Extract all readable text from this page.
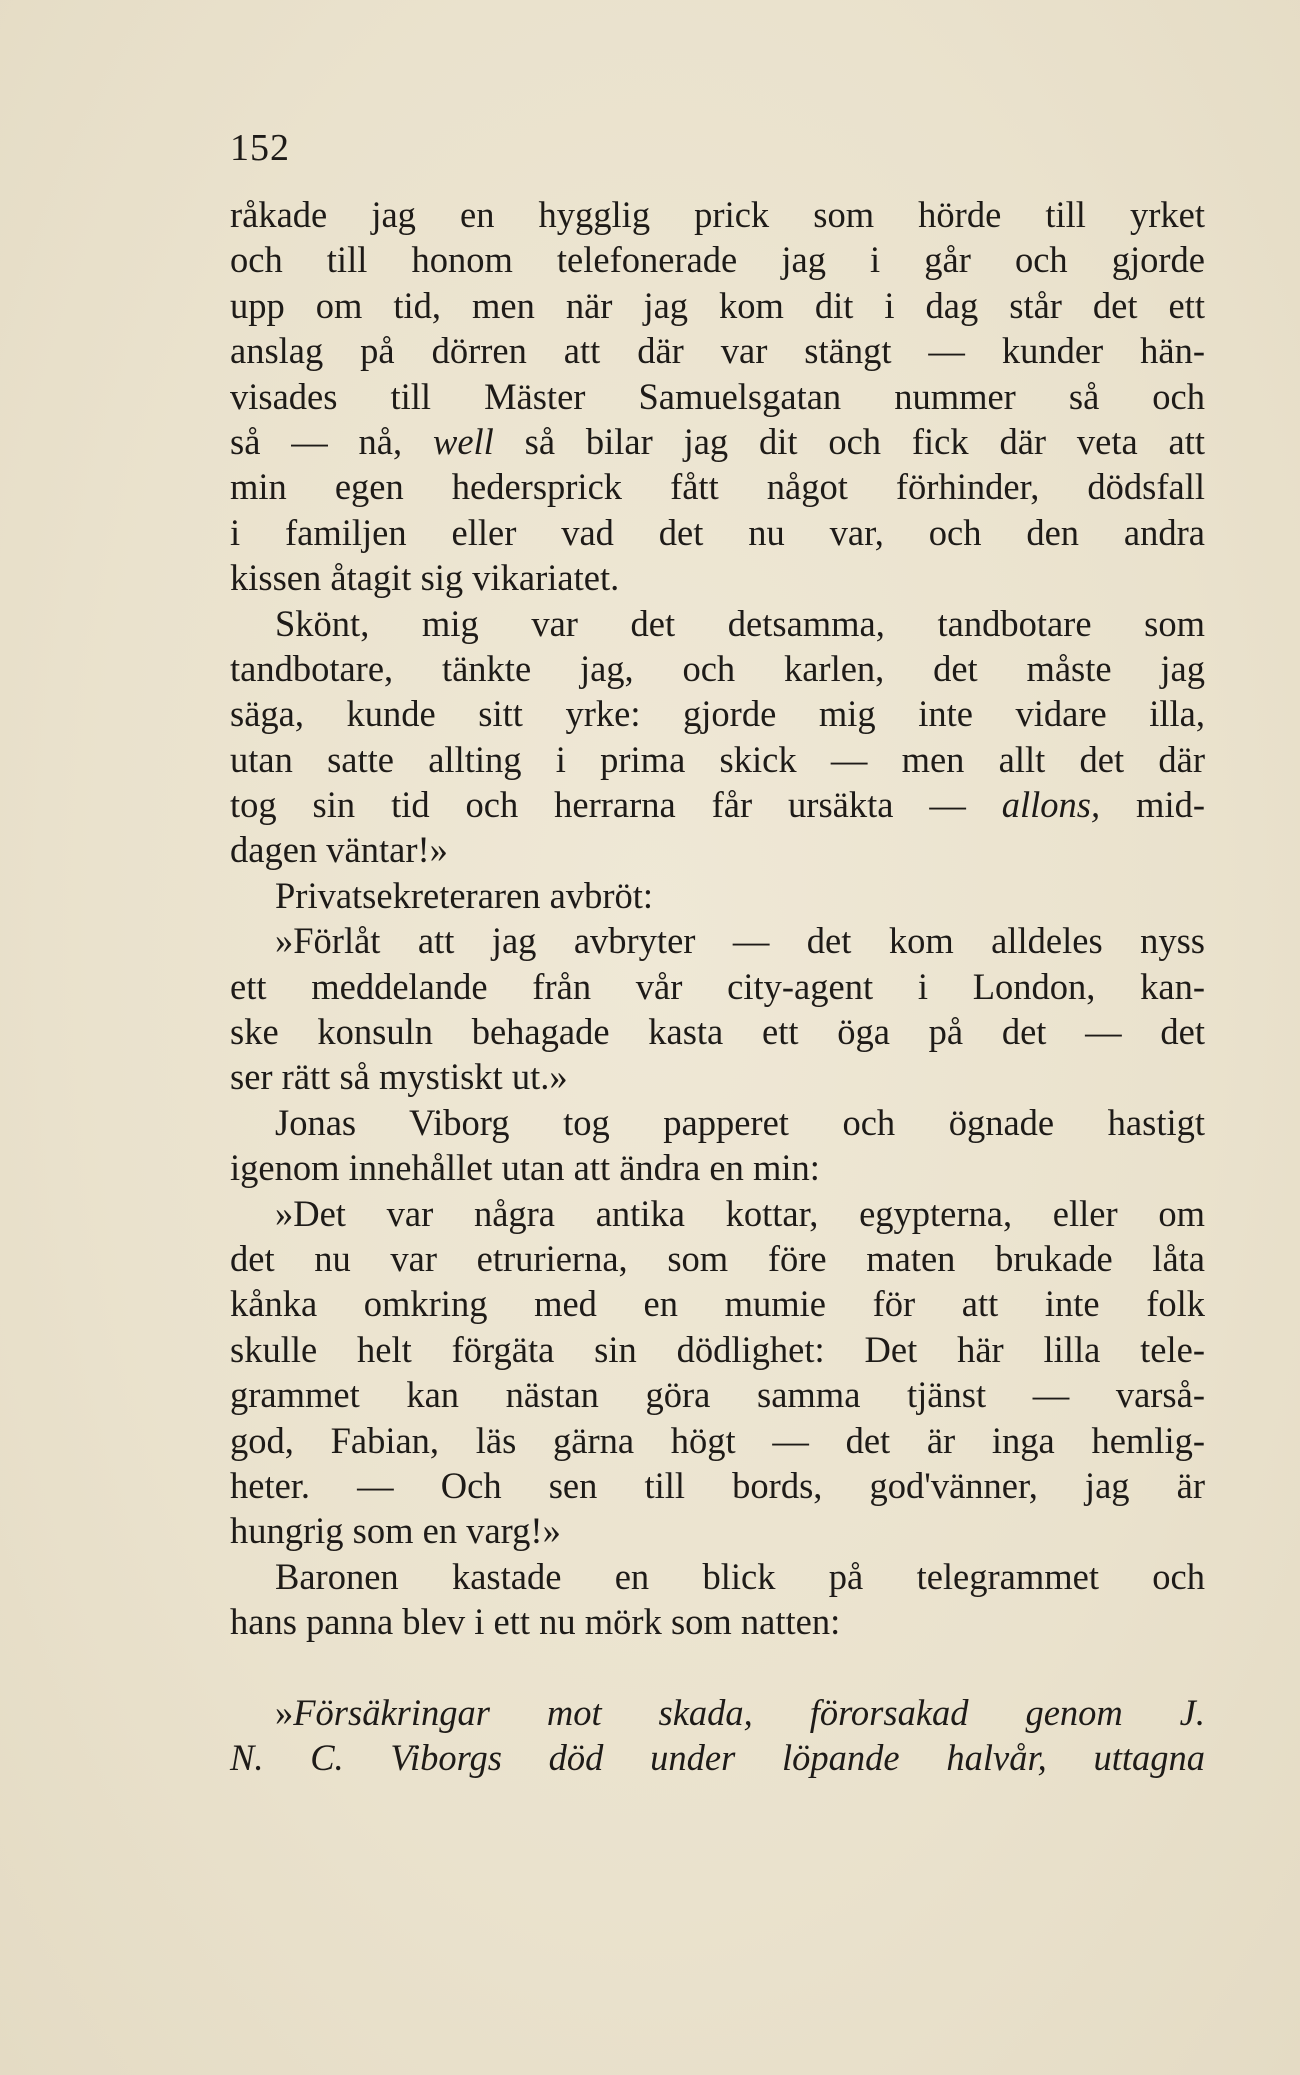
152
råkade jag en hygglig prick som hörde till yrket
och till honom telefonerade jag i går och gjorde
upp om tid, men när jag kom dit i dag står det ett
anslag på dörren att där var stängt — kunder hän-
visades till Mäster Samuelsgatan nummer så och
så — nå, well så bilar jag dit och fick där veta att
min egen hedersprick fått något förhinder, dödsfall
i familjen eller vad det nu var, och den andra
kissen åtagit sig vikariatet.
Skönt, mig var det detsamma, tandbotare som
tandbotare, tänkte jag, och karlen, det måste jag
säga, kunde sitt yrke: gjorde mig inte vidare illa,
utan satte allting i prima skick — men allt det där
tog sin tid och herrarna får ursäkta — allons, mid-
dagen väntar!»
Privatsekreteraren avbröt:
»Förlåt att jag avbryter — det kom alldeles nyss
ett meddelande från vår city-agent i London, kan-
ske konsuln behagade kasta ett öga på det — det
ser rätt så mystiskt ut.»
Jonas Viborg tog papperet och ögnade hastigt
igenom innehållet utan att ändra en min:
»Det var några antika kottar, egypterna, eller om
det nu var etrurierna, som före maten brukade låta
kånka omkring med en mumie för att inte folk
skulle helt förgäta sin dödlighet: Det här lilla tele-
grammet kan nästan göra samma tjänst — varså-
god, Fabian, läs gärna högt — det är inga hemlig-
heter. — Och sen till bords, god'vänner, jag är
hungrig som en varg!»
Baronen kastade en blick på telegrammet och
hans panna blev i ett nu mörk som natten:
»Försäkringar mot skada, förorsakad genom J.
N. C. Viborgs död under löpande halvår, uttagna
